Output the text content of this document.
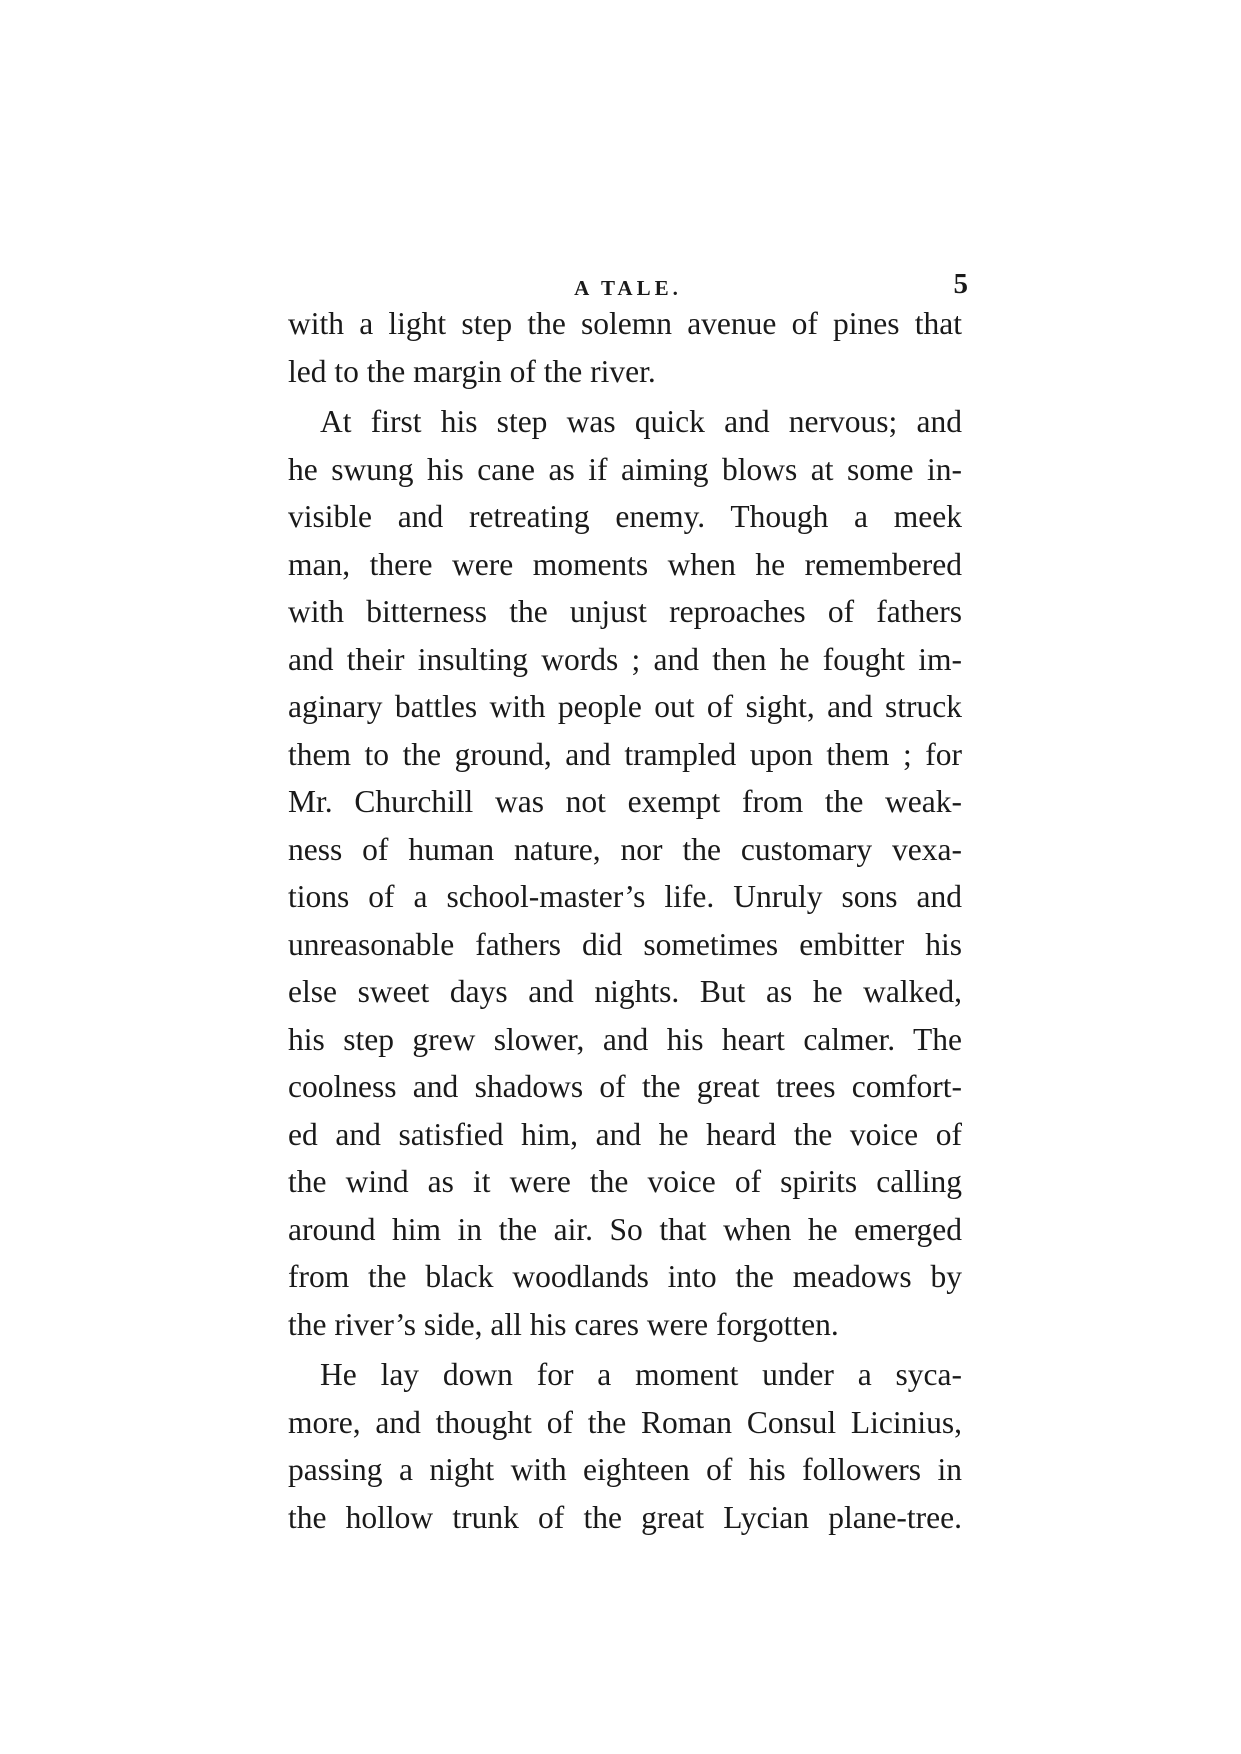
A TALE.	5
with a light step the solemn avenue of pines that
led to the margin of the river.
At first his step was quick and nervous; and
he swung his cane as if aiming blows at some in-
visible and retreating enemy. Though a meek
man, there were moments when he remembered
with bitterness the unjust reproaches of fathers
and their insulting words ; and then he fought im-
aginary battles with people out of sight, and struck
them to the ground, and trampled upon them ; for
Mr. Churchill was not exempt from the weak-
ness of human nature, nor the customary vexa-
tions of a school-master’s life. Unruly sons and
unreasonable fathers did sometimes embitter his
else sweet days and nights. But as he walked,
his step grew slower, and his heart calmer. The
coolness and shadows of the great trees comfort-
ed and satisfied him, and he heard the voice of
the wind as it were the voice of spirits calling
around him in the air. So that when he emerged
from the black woodlands into the meadows by
the river’s side, all his cares were forgotten.
He lay down for a moment under a syca-
more, and thought of the Roman Consul Licinius,
passing a night with eighteen of his followers in
the hollow trunk of the great Lycian plane-tree.
